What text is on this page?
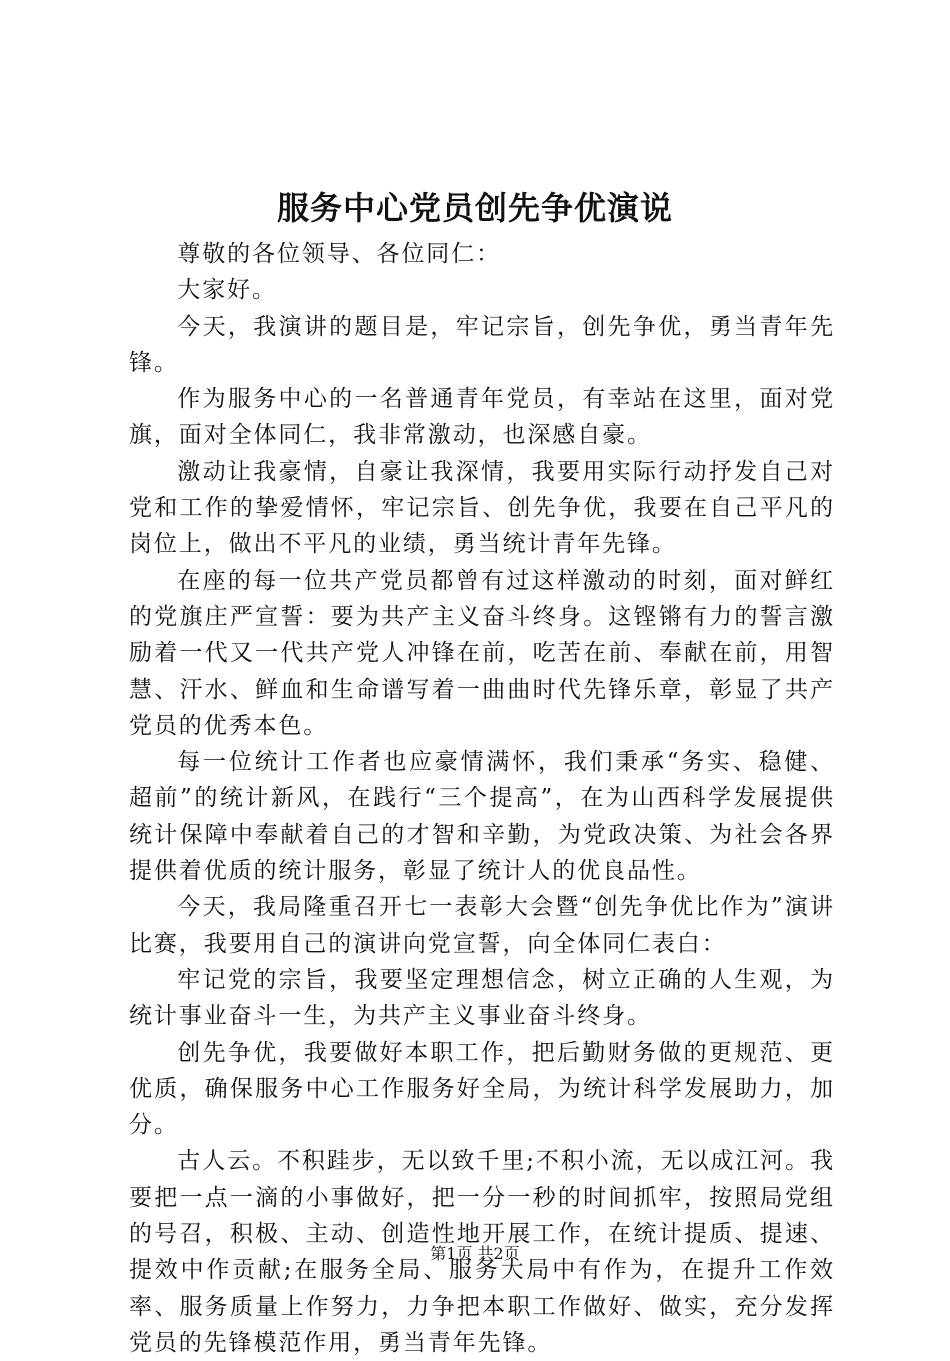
服务中心党员创先争优演说

尊敬的各位领导、各位同仁：

大家好。

今天，我演讲的题目是，牢记宗旨，创先争优，勇当青年先锋。

作为服务中心的一名普通青年党员，有幸站在这里，面对党旗，面对全体同仁，我非常激动，也深感自豪。

激动让我豪情，自豪让我深情，我要用实际行动抒发自己对党和工作的挚爱情怀，牢记宗旨、创先争优，我要在自己平凡的岗位上，做出不平凡的业绩，勇当统计青年先锋。

在座的每一位共产党员都曾有过这样激动的时刻，面对鲜红的党旗庄严宣誓：要为共产主义奋斗终身。这铿锵有力的誓言激励着一代又一代共产党人冲锋在前，吃苦在前、奉献在前，用智慧、汗水、鲜血和生命谱写着一曲曲时代先锋乐章，彰显了共产党员的优秀本色。

每一位统计工作者也应豪情满怀，我们秉承“务实、稳健、超前”的统计新风，在践行“三个提高”，在为山西科学发展提供统计保障中奉献着自己的才智和辛勤，为党政决策、为社会各界提供着优质的统计服务，彰显了统计人的优良品性。

今天，我局隆重召开七一表彰大会暨“创先争优比作为”演讲比赛，我要用自己的演讲向党宣誓，向全体同仁表白：

牢记党的宗旨，我要坚定理想信念，树立正确的人生观，为统计事业奋斗一生，为共产主义事业奋斗终身。

创先争优，我要做好本职工作，把后勤财务做的更规范、更优质，确保服务中心工作服务好全局，为统计科学发展助力，加分。

古人云。不积跬步，无以致千里;不积小流，无以成江河。我要把一点一滴的小事做好，把一分一秒的时间抓牢，按照局党组的号召，积极、主动、创造性地开展工作，在统计提质、提速、提效中作贡献;在服务全局、服务大局中有作为，在提升工作效率、服务质量上作努力，力争把本职工作做好、做实，充分发挥党员的先锋模范作用，勇当青年先锋。

第1页 共2页
